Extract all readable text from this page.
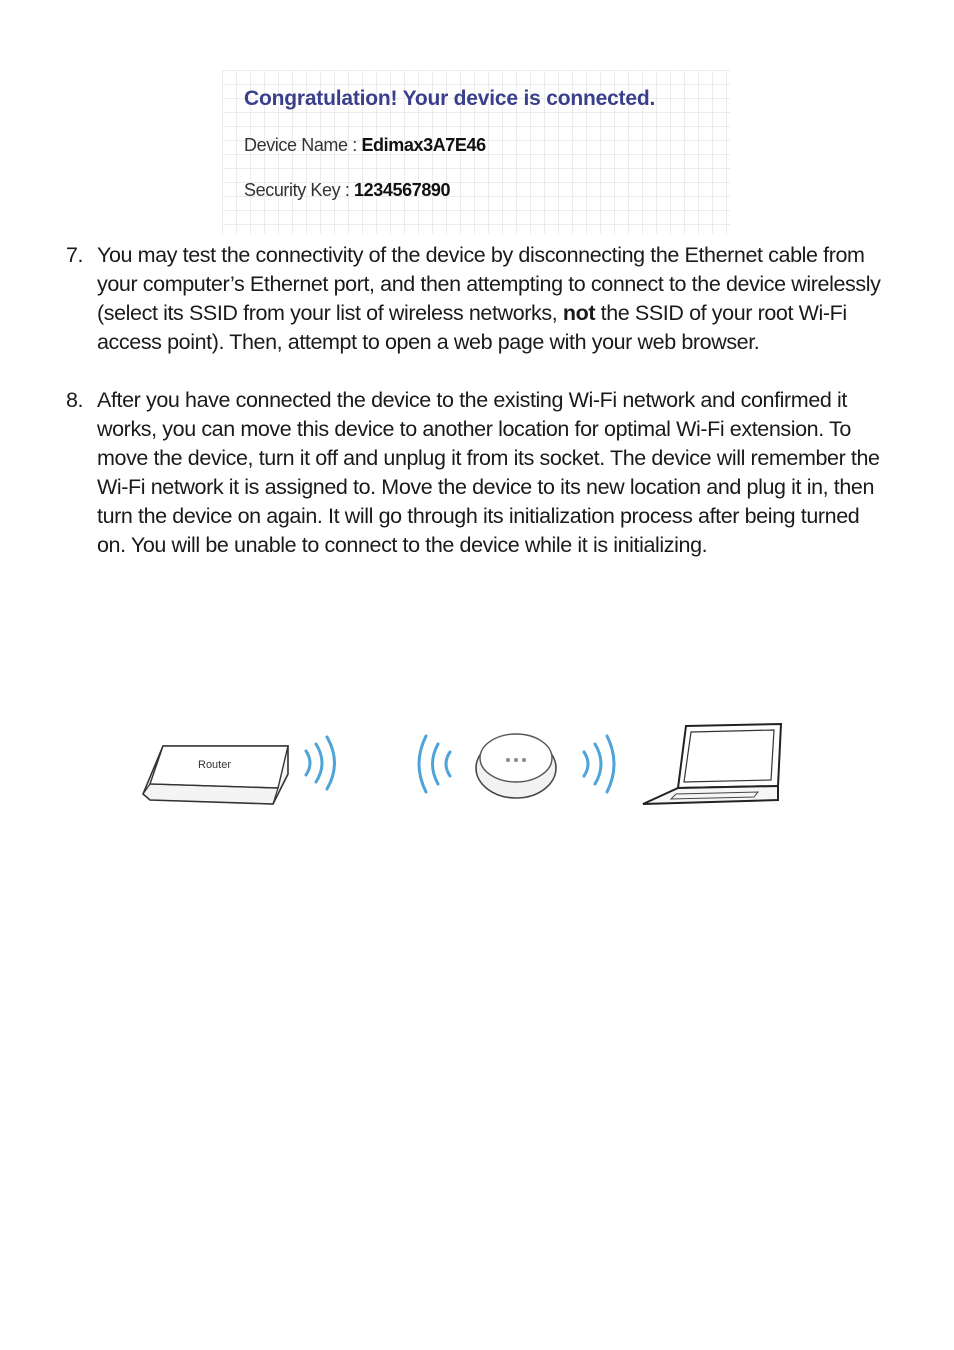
Congratulation! Your device is connected.
Device Name : Edimax3A7E46
Security Key : 1234567890
7. You may test the connectivity of the device by disconnecting the Ethernet cable from your computer’s Ethernet port, and then attempting to connect to the device wirelessly (select its SSID from your list of wireless networks, not the SSID of your root Wi-Fi access point). Then, attempt to open a web page with your web browser.
8. After you have connected the device to the existing Wi-Fi network and confirmed it works, you can move this device to another location for optimal Wi-Fi extension. To move the device, turn it off and unplug it from its socket. The device will remember the Wi-Fi network it is assigned to. Move the device to its new location and plug it in, then turn the device on again. It will go through its initialization process after being turned on. You will be unable to connect to the device while it is initializing.
Router
